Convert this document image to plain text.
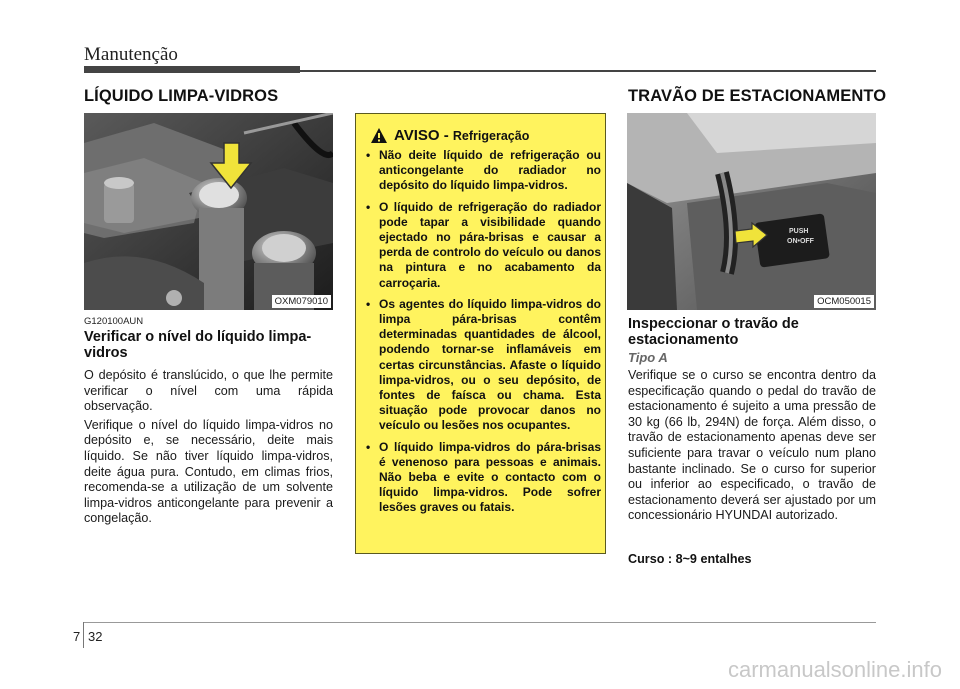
Manutenção
LÍQUIDO LIMPA-VIDROS	TRAVÃO DE ESTACIONAMENTO
OXM079010
G120100AUN
Verificar o nível do líquido limpa-vidros

O depósito é translúcido, o que lhe permite verificar o nível com uma rápida observação.

Verifique o nível do líquido limpa-vidros no depósito e, se necessário, deite mais líquido. Se não tiver líquido limpa-vidros, deite água pura. Contudo, em climas frios, recomenda-se a utilização de um solvente limpa-vidros anticongelante para prevenir a congelação.

AVISO - Refrigeração
• Não deite líquido de refrigeração ou anticongelante do radiador no depósito do líquido limpa-vidros.
• O líquido de refrigeração do radiador pode tapar a visibilidade quando ejectado no pára-brisas e causar a perda de controlo do veículo ou danos na pintura e no acabamento da carroçaria.
• Os agentes do líquido limpa-vidros do limpa pára-brisas contêm determinadas quantidades de álcool, podendo tornar-se inflamáveis em certas circunstâncias. Afaste o líquido limpa-vidros, ou o seu depósito, de fontes de faísca ou chama. Esta situação pode provocar danos no veículo ou lesões nos ocupantes.
• O líquido limpa-vidros do pára-brisas é venenoso para pessoas e animais. Não beba e evite o contacto com o líquido limpa-vidros. Pode sofrer lesões graves ou fatais.
PUSH
ON•OFF
OCM050015
Inspeccionar o travão de estacionamento
Tipo A

Verifique se o curso se encontra dentro da especificação quando o pedal do travão de estacionamento é sujeito a uma pressão de 30 kg (66 lb, 294N) de força. Além disso, o travão de estacionamento apenas deve ser suficiente para travar o veículo num plano bastante inclinado. Se o curso for superior ou inferior ao especificado, o travão de estacionamento deverá ser ajustado por um concessionário HYUNDAI autorizado.

Curso : 8~9 entalhes
7 32
carmanualsonline.info
